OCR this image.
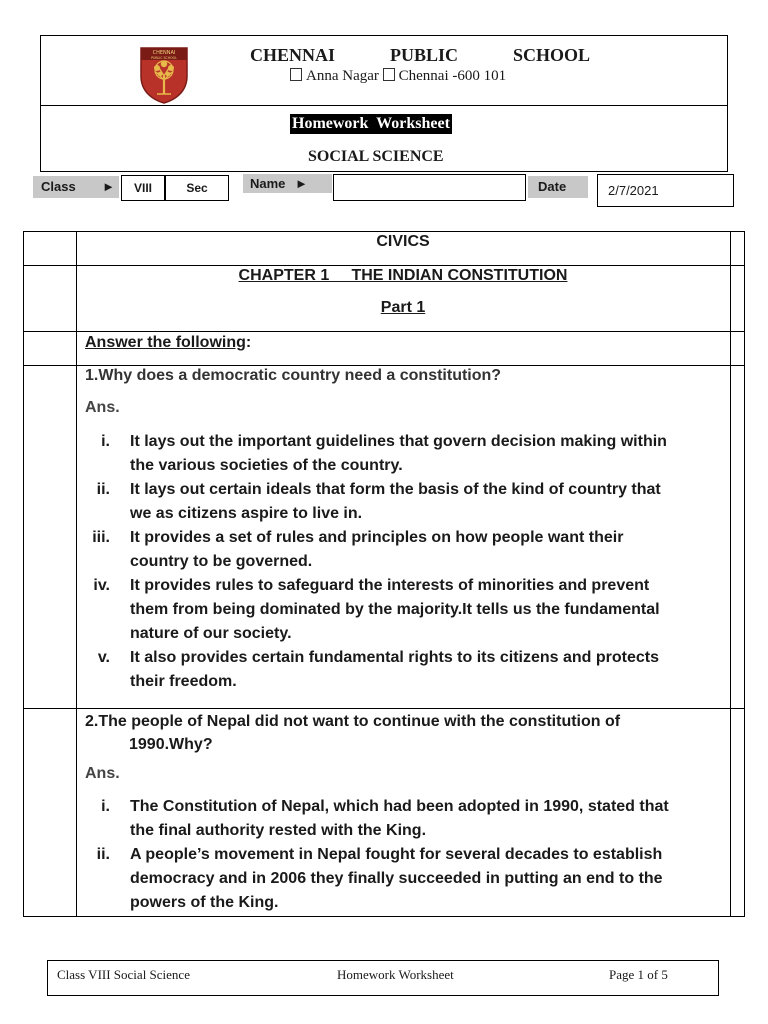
CHENNAI
PUBLIC SCHOOL	CHENNAI	PUBLIC	SCHOOL
Anna Nagar Chennai -600 101
Homework  Worksheet
SOCIAL SCIENCE
Class ►	VIII	Sec	Name ►	Date	2/7/2021
CIVICS
CHAPTER 1     THE INDIAN CONSTITUTION
Part 1
Answer the following:
1.Why does a democratic country need a constitution?
Ans.
i. It lays out the important guidelines that govern decision making within
the various societies of the country.
ii. It lays out certain ideals that form the basis of the kind of country that
we as citizens aspire to live in.
iii. It provides a set of rules and principles on how people want their
country to be governed.
iv. It provides rules to safeguard the interests of minorities and prevent
them from being dominated by the majority.It tells us the fundamental
nature of our society.
v. It also provides certain fundamental rights to its citizens and protects
their freedom.
2.The people of Nepal did not want to continue with the constitution of
1990.Why?
Ans.
i. The Constitution of Nepal, which had been adopted in 1990, stated that
the final authority rested with the King.
ii. A people’s movement in Nepal fought for several decades to establish
democracy and in 2006 they finally succeeded in putting an end to the
powers of the King.
Class VIII Social Science	Homework Worksheet	Page 1 of 5
